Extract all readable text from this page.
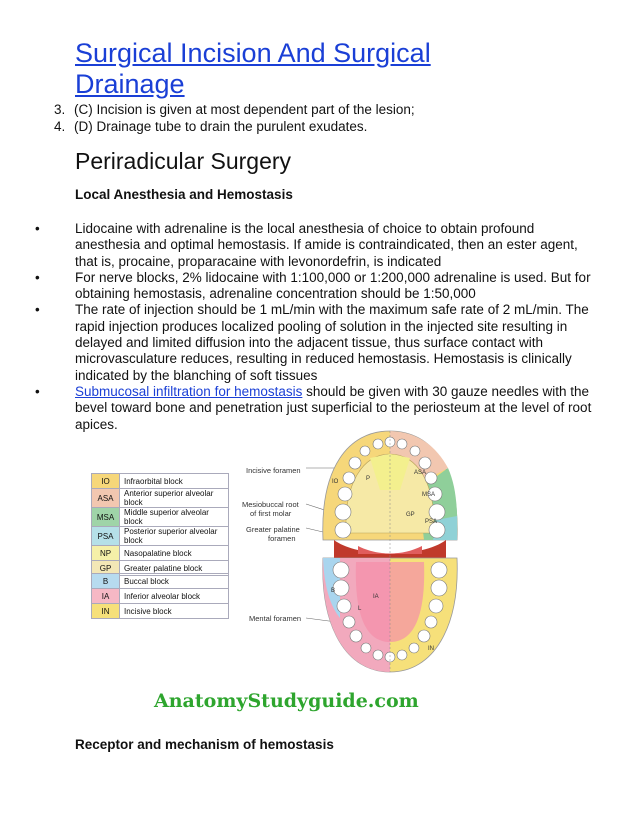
Surgical Incision And Surgical
Drainage
3. (C) Incision is given at most dependent part of the lesion;
4. (D) Drainage tube to drain the purulent exudates.
Periradicular Surgery
Local Anesthesia and Hemostasis
•	Lidocaine with adrenaline is the local anesthesia of choice to obtain profound
anesthesia and optimal hemostasis. If amide is contraindicated, then an ester agent,
that is, procaine, proparacaine with levonordefrin, is indicated
•	For nerve blocks, 2% lidocaine with 1:100,000 or 1:200,000 adrenaline is used. But for
obtaining hemostasis, adrenaline concentration should be 1:50,000
•	The rate of injection should be 1 mL/min with the maximum safe rate of 2 mL/min. The
rapid injection produces localized pooling of solution in the injected site resulting in
delayed and limited diffusion into the adjacent tissue, thus surface contact with
microvasculature reduces, resulting in reduced hemostasis. Hemostasis is clinically
indicated by the blanching of soft tissues
•	Submucosal infiltration for hemostasis should be given with 30 gauze needles with the
bevel toward bone and penetration just superficial to the periosteum at the level of root
apices.
IO	Infraorbital block
ASA	Anterior superior alveolar block
MSA	Middle superior alveolar block
PSA	Posterior superior alveolar block
NP	Nasopalatine block
GP	Greater palatine block
B	Buccal block
IA	Inferior alveolar block
IN	Incisive block
Incisive foramen
Mesiobuccal root
of first molar
Greater palatine
foramen
Mental foramen
IO
ASA
MSA
GP
PSA
B
IA
IN
P
L
AnatomyStudyguide.com
Receptor and mechanism of hemostasis
